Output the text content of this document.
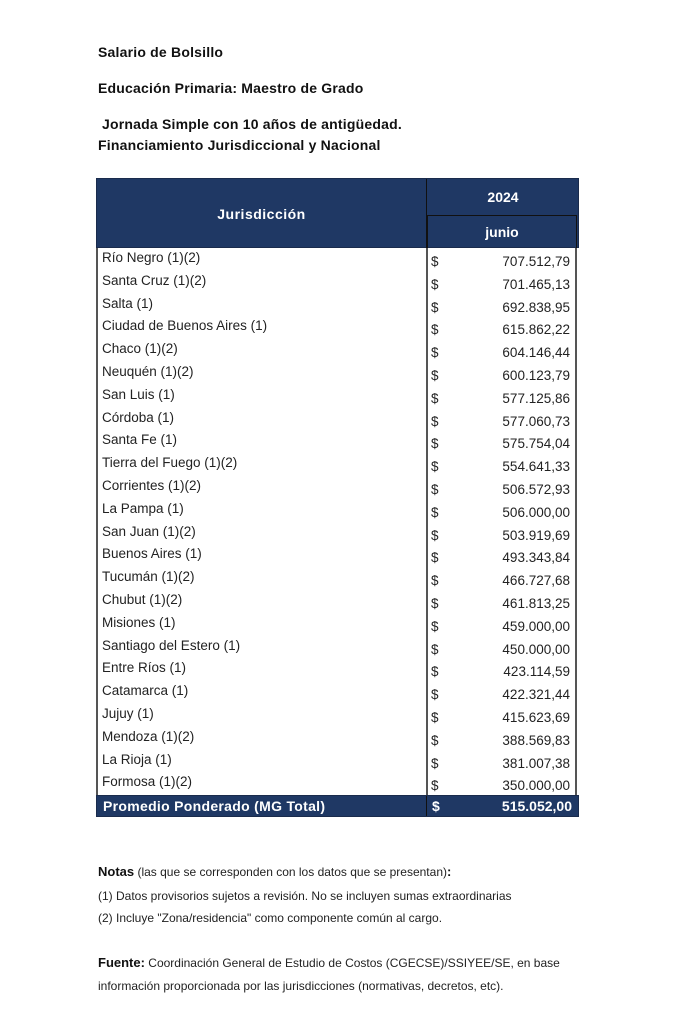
Salario de Bolsillo
Educación Primaria: Maestro de Grado
Jornada Simple con 10 años de antigüedad.
Financiamiento Jurisdiccional y Nacional
Jurisdicción
2024
junio
Río Negro (1)(2)	$	707.512,79
Santa Cruz (1)(2)	$	701.465,13
Salta (1)	$	692.838,95
Ciudad de Buenos Aires (1)	$	615.862,22
Chaco (1)(2)	$	604.146,44
Neuquén (1)(2)	$	600.123,79
San Luis (1)	$	577.125,86
Córdoba (1)	$	577.060,73
Santa Fe (1)	$	575.754,04
Tierra del Fuego (1)(2)	$	554.641,33
Corrientes (1)(2)	$	506.572,93
La Pampa (1)	$	506.000,00
San Juan (1)(2)	$	503.919,69
Buenos Aires (1)	$	493.343,84
Tucumán (1)(2)	$	466.727,68
Chubut (1)(2)	$	461.813,25
Misiones (1)	$	459.000,00
Santiago del Estero (1)	$	450.000,00
Entre Ríos (1)	$	423.114,59
Catamarca (1)	$	422.321,44
Jujuy (1)	$	415.623,69
Mendoza (1)(2)	$	388.569,83
La Rioja (1)	$	381.007,38
Formosa (1)(2)	$	350.000,00
Promedio Ponderado (MG Total)	$	515.052,00
Notas (las que se corresponden con los datos que se presentan):
(1) Datos provisorios sujetos a revisión. No se incluyen sumas extraordinarias
(2) Incluye "Zona/residencia" como componente común al cargo.
Fuente: Coordinación General de Estudio de Costos (CGECSE)/SSIYEE/SE, en base
información proporcionada por las jurisdicciones (normativas, decretos, etc).
